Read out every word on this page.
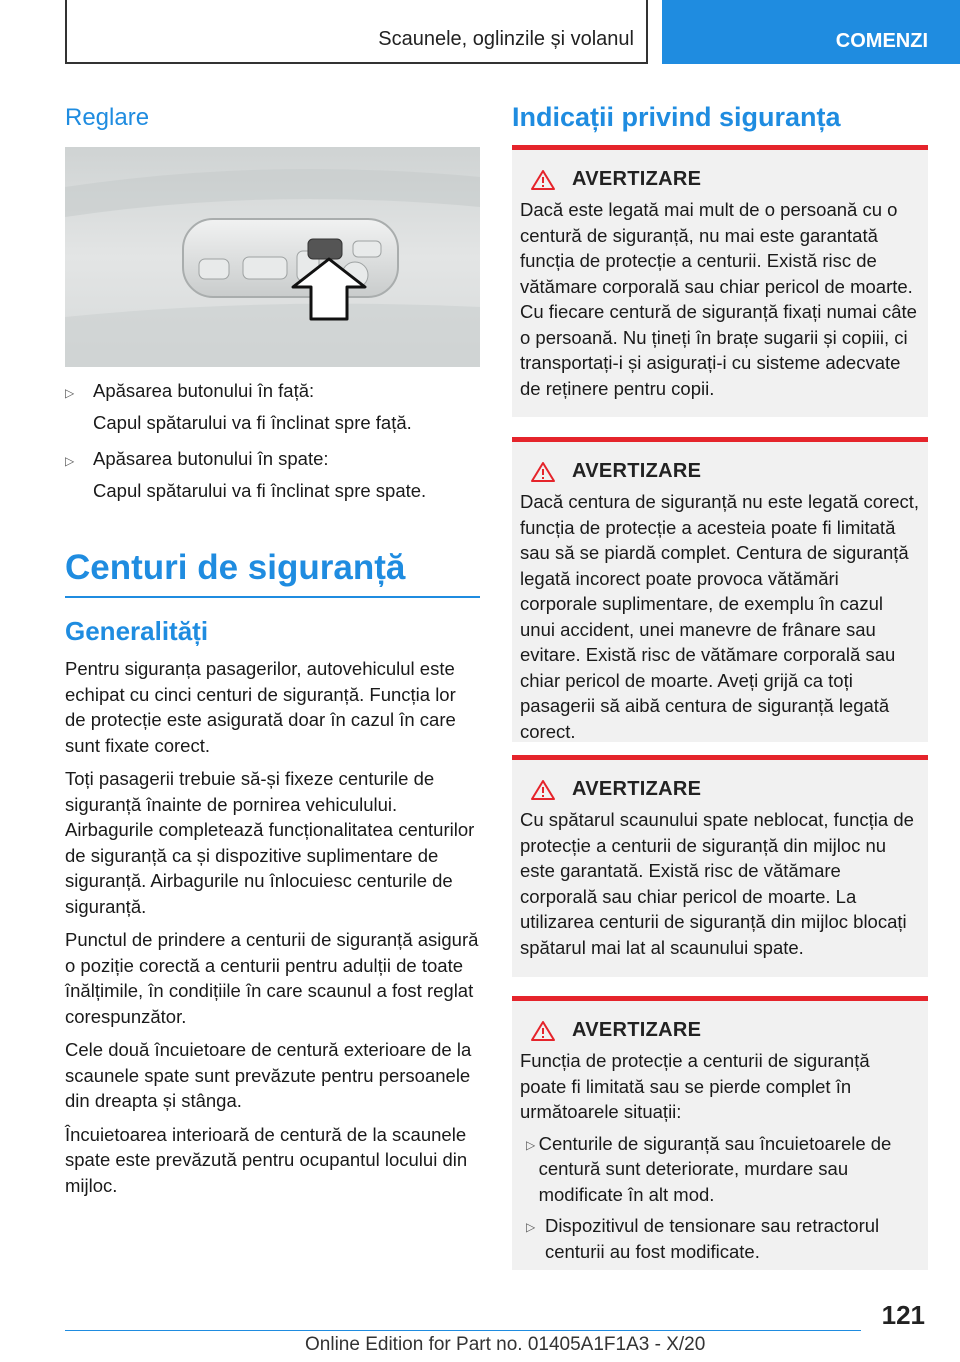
Scaunele, oglinzile și volanul	COMENZI
Reglare
▷	Apăsarea butonului în față:
Capul spătarului va fi înclinat spre față.
▷	Apăsarea butonului în spate:
Capul spătarului va fi înclinat spre spate.
Centuri de siguranță
Generalități

Pentru siguranța pasagerilor, autovehiculul este echipat cu cinci centuri de siguranță. Funcția lor de protecție este asigurată doar în cazul în care sunt fixate corect.

Toți pasagerii trebuie să-și fixeze centurile de siguranță înainte de pornirea vehiculului. Airbagurile completează funcționalitatea centurilor de siguranță ca și dispozitive suplimentare de siguranță. Airbagurile nu înlocuiesc centurile de siguranță.

Punctul de prindere a centurii de siguranță asigură o poziție corectă a centurii pentru adulții de toate înălțimile, în condițiile în care scaunul a fost reglat corespunzător.

Cele două încuietoare de centură exterioare de la scaunele spate sunt prevăzute pentru persoanele din dreapta și stânga.

Încuietoarea interioară de centură de la scaunele spate este prevăzută pentru ocupantul locului din mijloc.

Indicații privind siguranța
AVERTIZARE
Dacă este legată mai mult de o persoană cu o centură de siguranță, nu mai este garantată funcția de protecție a centurii. Există risc de vătămare corporală sau chiar pericol de moarte. Cu fiecare centură de siguranță fixați numai câte o persoană. Nu țineți în brațe sugarii și copiii, ci transportați-i și asigurați-i cu sisteme adecvate de reținere pentru copii.
AVERTIZARE
Dacă centura de siguranță nu este legată corect, funcția de protecție a acesteia poate fi limitată sau să se piardă complet. Centura de siguranță legată incorect poate provoca vătămări corporale suplimentare, de exemplu în cazul unui accident, unei manevre de frânare sau evitare. Există risc de vătămare corporală sau chiar pericol de moarte. Aveți grijă ca toți pasagerii să aibă centura de siguranță legată corect.
AVERTIZARE
Cu spătarul scaunului spate neblocat, funcția de protecție a centurii de siguranță din mijloc nu este garantată. Există risc de vătămare corporală sau chiar pericol de moarte. La utilizarea centurii de siguranță din mijloc blocați spătarul mai lat al scaunului spate.
AVERTIZARE
Funcția de protecție a centurii de siguranță poate fi limitată sau se pierde complet în următoarele situații:
▷ Centurile de siguranță sau încuietoarele de centură sunt deteriorate, murdare sau modificate în alt mod.
▷ Dispozitivul de tensionare sau retractorul centurii au fost modificate.
121
Online Edition for Part no. 01405A1F1A3 - X/20
